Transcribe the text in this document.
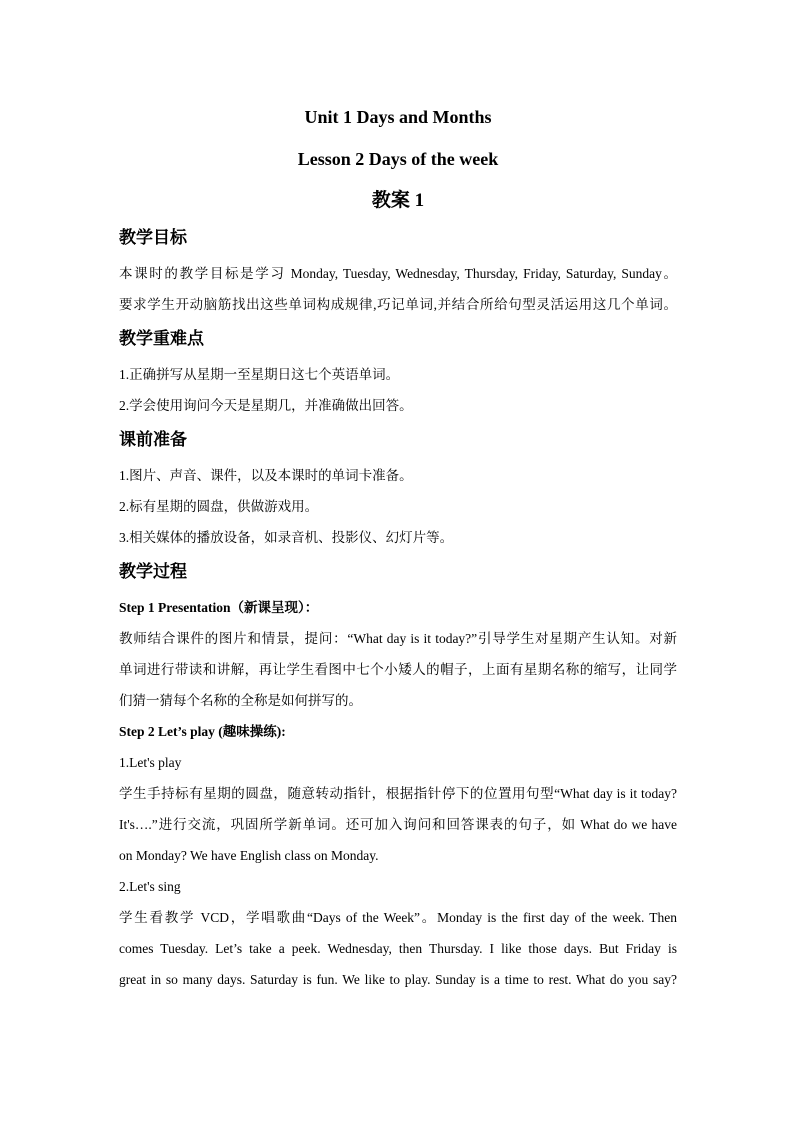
Unit 1 Days and Months

Lesson 2 Days of the week

教案 1

教学目标

本课时的教学目标是学习 Monday, Tuesday, Wednesday, Thursday, Friday, Saturday, Sunday。
要求学生开动脑筋找出这些单词构成规律,巧记单词,并结合所给句型灵活运用这几个单词。

教学重难点

1.正确拼写从星期一至星期日这七个英语单词。
2.学会使用询问今天是星期几，并准确做出回答。

课前准备

1.图片、声音、课件，以及本课时的单词卡准备。
2.标有星期的圆盘，供做游戏用。
3.相关媒体的播放设备，如录音机、投影仪、幻灯片等。

教学过程

Step 1 Presentation（新课呈现）：
教师结合课件的图片和情景，提问：“What day is it today?”引导学生对星期产生认知。对新
单词进行带读和讲解，再让学生看图中七个小矮人的帽子，上面有星期名称的缩写，让同学
们猜一猜每个名称的全称是如何拼写的。
Step 2 Let’s play (趣味操练):
1.Let's play
学生手持标有星期的圆盘，随意转动指针，根据指针停下的位置用句型“What day is it today?
It's….”进行交流，巩固所学新单词。还可加入询问和回答课表的句子，如 What do we have
on Monday? We have English class on Monday.
2.Let's sing
学生看教学 VCD，学唱歌曲“Days of the Week”。Monday is the first day of the week. Then
comes Tuesday. Let’s take a peek. Wednesday, then Thursday. I like those days. But Friday is
great in so many days. Saturday is fun. We like to play. Sunday is a time to rest. What do you say?
